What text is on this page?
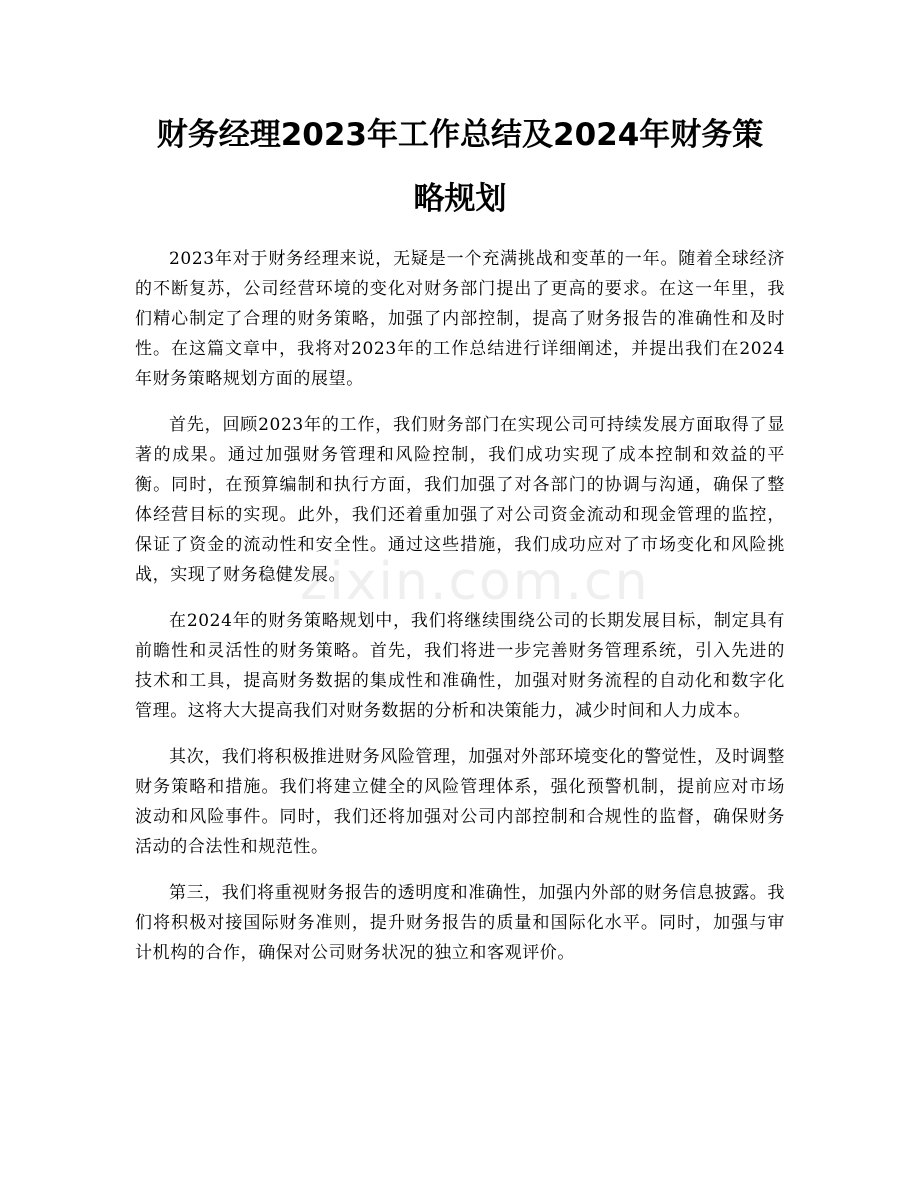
财务经理2023年工作总结及2024年财务策
略规划

2023年对于财务经理来说，无疑是一个充满挑战和变革的一年。随着全球经济的不断复苏，公司经营环境的变化对财务部门提出了更高的要求。在这一年里，我们精心制定了合理的财务策略，加强了内部控制，提高了财务报告的准确性和及时性。在这篇文章中，我将对2023年的工作总结进行详细阐述，并提出我们在2024年财务策略规划方面的展望。

首先，回顾2023年的工作，我们财务部门在实现公司可持续发展方面取得了显著的成果。通过加强财务管理和风险控制，我们成功实现了成本控制和效益的平衡。同时，在预算编制和执行方面，我们加强了对各部门的协调与沟通，确保了整体经营目标的实现。此外，我们还着重加强了对公司资金流动和现金管理的监控，保证了资金的流动性和安全性。通过这些措施，我们成功应对了市场变化和风险挑战，实现了财务稳健发展。

在2024年的财务策略规划中，我们将继续围绕公司的长期发展目标，制定具有前瞻性和灵活性的财务策略。首先，我们将进一步完善财务管理系统，引入先进的技术和工具，提高财务数据的集成性和准确性，加强对财务流程的自动化和数字化管理。这将大大提高我们对财务数据的分析和决策能力，减少时间和人力成本。

其次，我们将积极推进财务风险管理，加强对外部环境变化的警觉性，及时调整财务策略和措施。我们将建立健全的风险管理体系，强化预警机制，提前应对市场波动和风险事件。同时，我们还将加强对公司内部控制和合规性的监督，确保财务活动的合法性和规范性。

第三，我们将重视财务报告的透明度和准确性，加强内外部的财务信息披露。我们将积极对接国际财务准则，提升财务报告的质量和国际化水平。同时，加强与审计机构的合作，确保对公司财务状况的独立和客观评价。

zixin.com.cn
